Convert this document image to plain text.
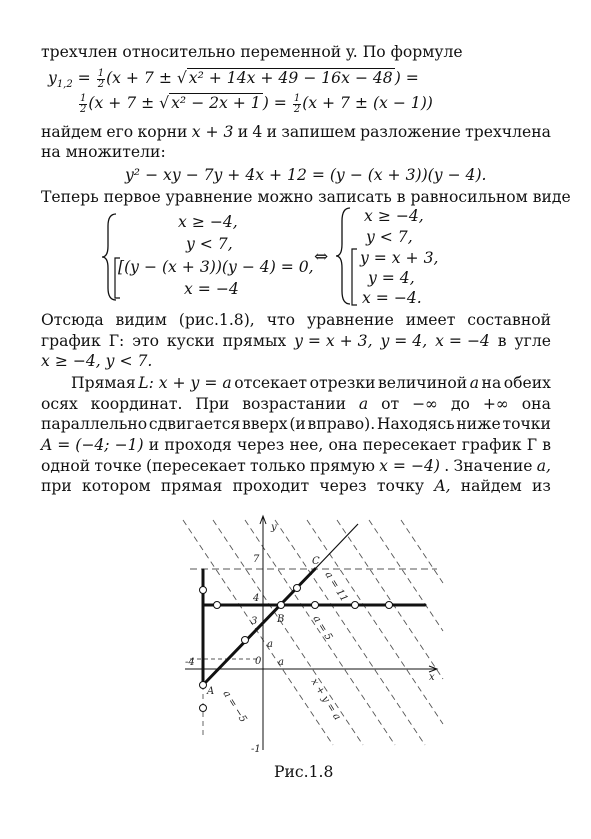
трехчлен относительно переменной y. По формуле
$y_{1,2} = \frac{1}{2} (x + 7$ ± √ x² + 14x + 49 − 16x − 48 ) =
$\frac{1}{2} (x + 7$ ± √ x² − 2x + 1 ) = $\frac{1}{2} (x + 7 \pm (x - 1))$
найдем его корни x + 3 и 4 и запишем разложение трехчлена
на множители:
y² − xy − 7y + 4x + 12 = (y − (x + 3))(y − 4).
Теперь первое уравнение можно записать в равносильном виде
x ≥ −4,
y < 7,
[(y − (x + 3))(y − 4) = 0,
x = −4
⇔
x ≥ −4,
y < 7,
y = x + 3,
y = 4,
x = −4.
Отсюда видим (рис.1.8), что уравнение имеет составной
график Г: это куски прямых y = x + 3, y = 4, x = −4 в угле
x ≥ −4, y < 7.
Прямая L: x + y = a отсекает отрезки величиной a на обеих
осях координат. При возрастании a от −∞ до +∞ она
параллельно сдвигается вверх (и вправо). Находясь ниже точки
A = (−4; −1) и проходя через нее, она пересекает график Г в
одной точке (пересекает только прямую x = −4) . Значение a,
при котором прямая проходит через точку A, найдем из
y
x
7
4
3
0
a
a
-4
-1
A
B
C
a = 11
a = 5
a = −5	x + y = a
Рис.1.8
